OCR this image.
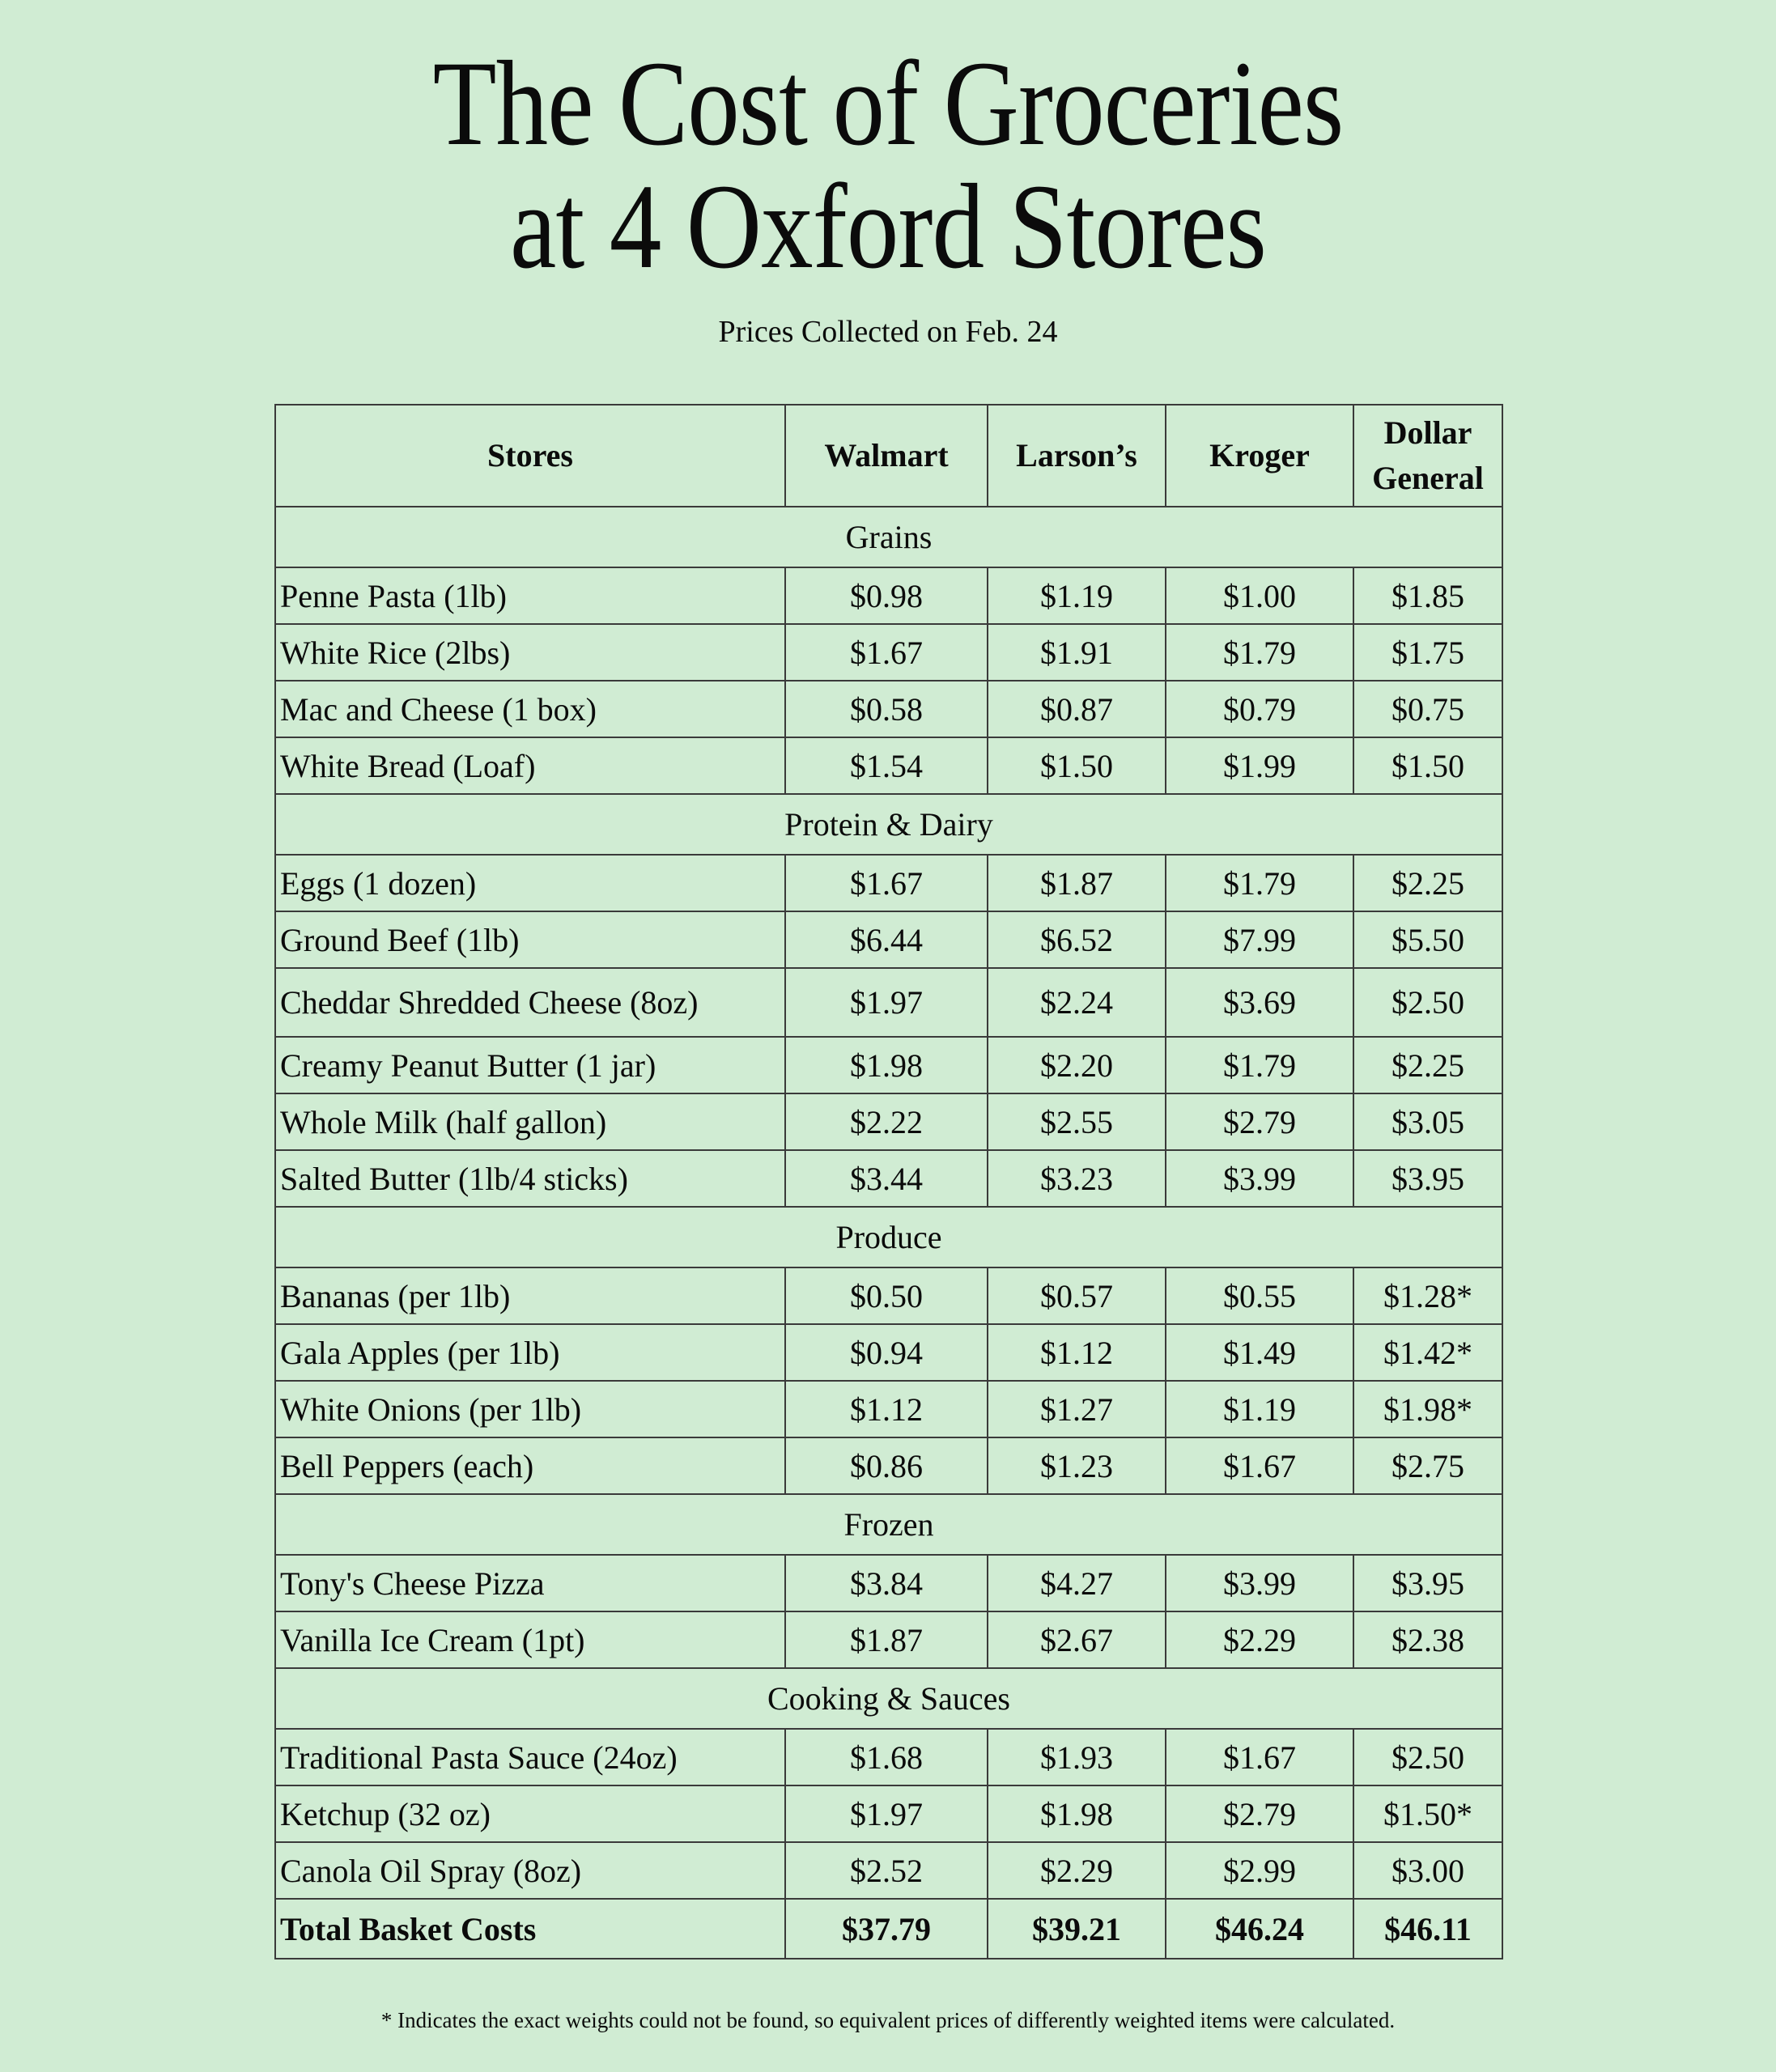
The Cost of Groceries
at 4 Oxford Stores
Prices Collected on Feb. 24
Stores	Walmart	Larson’s	Kroger	Dollar
General
Grains				
Penne Pasta (1lb)	$0.98	$1.19	$1.00	$1.85
White Rice (2lbs)	$1.67	$1.91	$1.79	$1.75
Mac and Cheese (1 box)	$0.58	$0.87	$0.79	$0.75
White Bread (Loaf)	$1.54	$1.50	$1.99	$1.50
Protein & Dairy				
Eggs (1 dozen)	$1.67	$1.87	$1.79	$2.25
Ground Beef (1lb)	$6.44	$6.52	$7.99	$5.50
Cheddar Shredded Cheese (8oz)	$1.97	$2.24	$3.69	$2.50
Creamy Peanut Butter (1 jar)	$1.98	$2.20	$1.79	$2.25
Whole Milk (half gallon)	$2.22	$2.55	$2.79	$3.05
Salted Butter (1lb/4 sticks)	$3.44	$3.23	$3.99	$3.95
Produce				
Bananas (per 1lb)	$0.50	$0.57	$0.55	$1.28*
Gala Apples (per 1lb)	$0.94	$1.12	$1.49	$1.42*
White Onions (per 1lb)	$1.12	$1.27	$1.19	$1.98*
Bell Peppers (each)	$0.86	$1.23	$1.67	$2.75
Frozen				
Tony's Cheese Pizza	$3.84	$4.27	$3.99	$3.95
Vanilla Ice Cream (1pt)	$1.87	$2.67	$2.29	$2.38
Cooking & Sauces				
Traditional Pasta Sauce (24oz)	$1.68	$1.93	$1.67	$2.50
Ketchup (32 oz)	$1.97	$1.98	$2.79	$1.50*
Canola Oil Spray (8oz)	$2.52	$2.29	$2.99	$3.00
Total Basket Costs	$37.79	$39.21	$46.24	$46.11
* Indicates the exact weights could not be found, so equivalent prices of differently weighted items were calculated.
